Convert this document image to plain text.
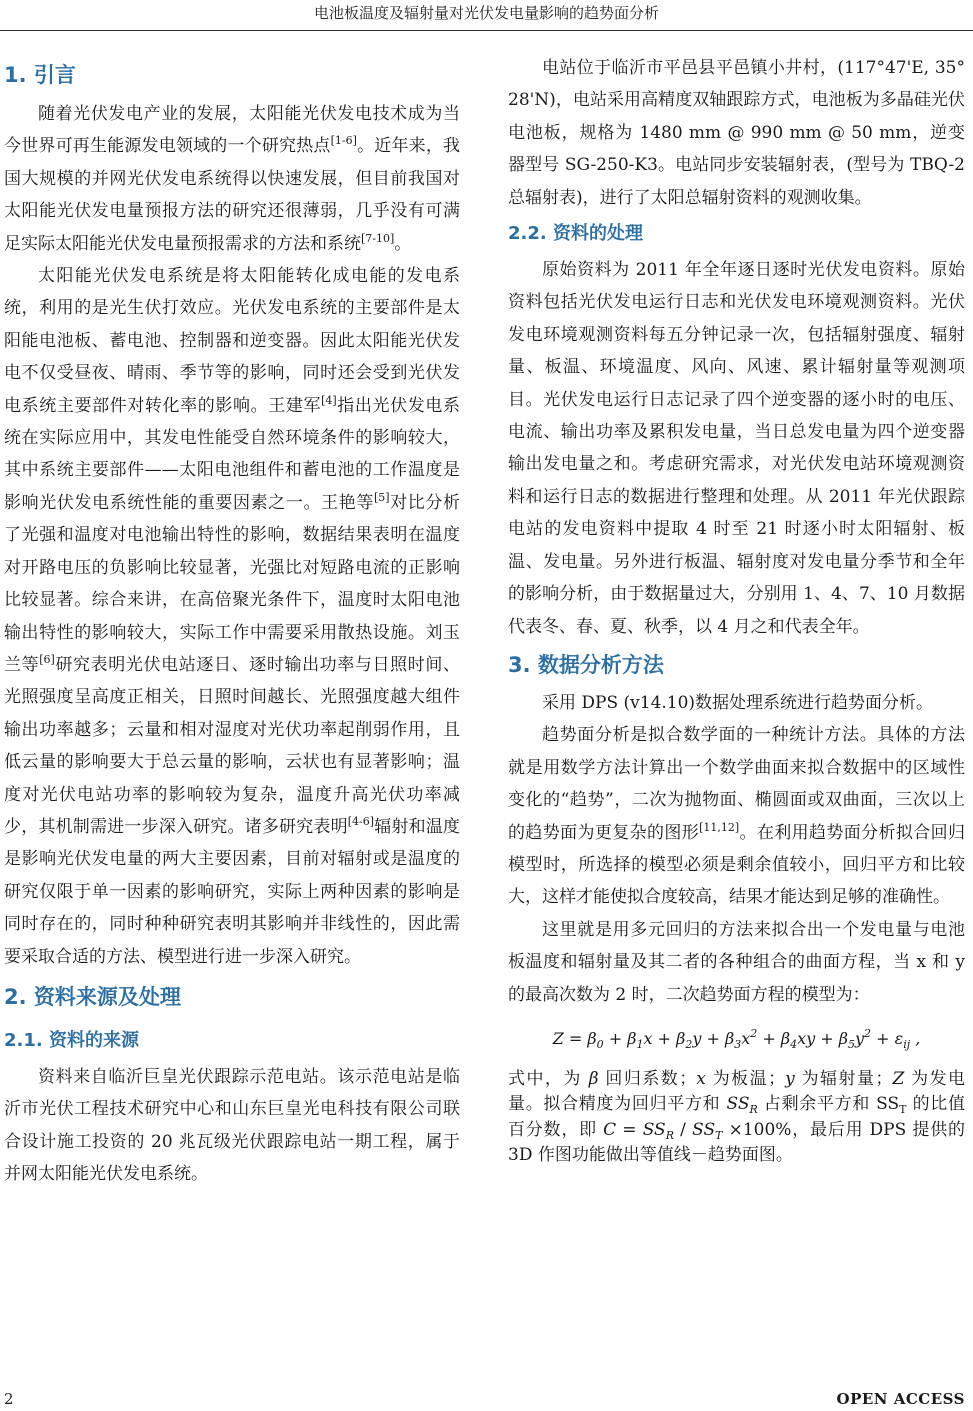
电池板温度及辐射量对光伏发电量影响的趋势面分析
1. 引言

随着光伏发电产业的发展，太阳能光伏发电技术成为当今世界可再生能源发电领域的一个研究热点[1-6]。近年来，我国大规模的并网光伏发电系统得以快速发展，但目前我国对太阳能光伏发电量预报方法的研究还很薄弱，几乎没有可满足实际太阳能光伏发电量预报需求的方法和系统[7-10]。

太阳能光伏发电系统是将太阳能转化成电能的发电系统，利用的是光生伏打效应。光伏发电系统的主要部件是太阳能电池板、蓄电池、控制器和逆变器。因此太阳能光伏发电不仅受昼夜、晴雨、季节等的影响，同时还会受到光伏发电系统主要部件对转化率的影响。王建军[4]指出光伏发电系统在实际应用中，其发电性能受自然环境条件的影响较大，其中系统主要部件——太阳电池组件和蓄电池的工作温度是影响光伏发电系统性能的重要因素之一。王艳等[5]对比分析了光强和温度对电池输出特性的影响，数据结果表明在温度对开路电压的负影响比较显著，光强比对短路电流的正影响比较显著。综合来讲，在高倍聚光条件下，温度时太阳电池输出特性的影响较大，实际工作中需要采用散热设施。刘玉兰等[6]研究表明光伏电站逐日、逐时输出功率与日照时间、光照强度呈高度正相关，日照时间越长、光照强度越大组件输出功率越多；云量和相对湿度对光伏功率起削弱作用，且低云量的影响要大于总云量的影响，云状也有显著影响；温度对光伏电站功率的影响较为复杂，温度升高光伏功率减少，其机制需进一步深入研究。诸多研究表明[4-6]辐射和温度是影响光伏发电量的两大主要因素，目前对辐射或是温度的研究仅限于单一因素的影响研究，实际上两种因素的影响是同时存在的，同时种种研究表明其影响并非线性的，因此需要采取合适的方法、模型进行进一步深入研究。

2. 资料来源及处理
2.1. 资料的来源

资料来自临沂巨皇光伏跟踪示范电站。该示范电站是临沂市光伏工程技术研究中心和山东巨皇光电科技有限公司联合设计施工投资的 20 兆瓦级光伏跟踪电站一期工程，属于并网太阳能光伏发电系统。

电站位于临沂市平邑县平邑镇小井村，(117°47'E, 35°28'N)，电站采用高精度双轴跟踪方式，电池板为多晶硅光伏电池板，规格为 1480 mm @ 990 mm @ 50 mm，逆变器型号 SG-250-K3。电站同步安装辐射表，(型号为 TBQ-2 总辐射表)，进行了太阳总辐射资料的观测收集。

2.2. 资料的处理

原始资料为 2011 年全年逐日逐时光伏发电资料。原始资料包括光伏发电运行日志和光伏发电环境观测资料。光伏发电环境观测资料每五分钟记录一次，包括辐射强度、辐射量、板温、环境温度、风向、风速、累计辐射量等观测项目。光伏发电运行日志记录了四个逆变器的逐小时的电压、电流、输出功率及累积发电量，当日总发电量为四个逆变器输出发电量之和。考虑研究需求，对光伏发电站环境观测资料和运行日志的数据进行整理和处理。从 2011 年光伏跟踪电站的发电资料中提取 4 时至 21 时逐小时太阳辐射、板温、发电量。另外进行板温、辐射度对发电量分季节和全年的影响分析，由于数据量过大，分别用 1、4、7、10 月数据代表冬、春、夏、秋季，以 4 月之和代表全年。

3. 数据分析方法

采用 DPS (v14.10)数据处理系统进行趋势面分析。

趋势面分析是拟合数学面的一种统计方法。具体的方法就是用数学方法计算出一个数学曲面来拟合数据中的区域性变化的“趋势”，二次为抛物面、椭圆面或双曲面，三次以上的趋势面为更复杂的图形[11,12]。在利用趋势面分析拟合回归模型时，所选择的模型必须是剩余值较小，回归平方和比较大，这样才能使拟合度较高，结果才能达到足够的准确性。

这里就是用多元回归的方法来拟合出一个发电量与电池板温度和辐射量及其二者的各种组合的曲面方程，当 x 和 y 的最高次数为 2 时，二次趋势面方程的模型为：

$Z = \beta_0 + \beta_1x + \beta_2y + \beta_3x^2 + \beta_4xy + \beta_5y^2 + \varepsilon_{ij}$ ,

式中，为 β 回归系数；x 为板温；y 为辐射量；Z 为发电量。拟合精度为回归平方和 $SS_R$ 占剩余平方和 $SS_T$ 的比值百分数，即 $C = SS_R / SS_T \times 100\%$，最后用 DPS 提供的 3D 作图功能做出等值线－趋势面图。

2	OPEN ACCESS
